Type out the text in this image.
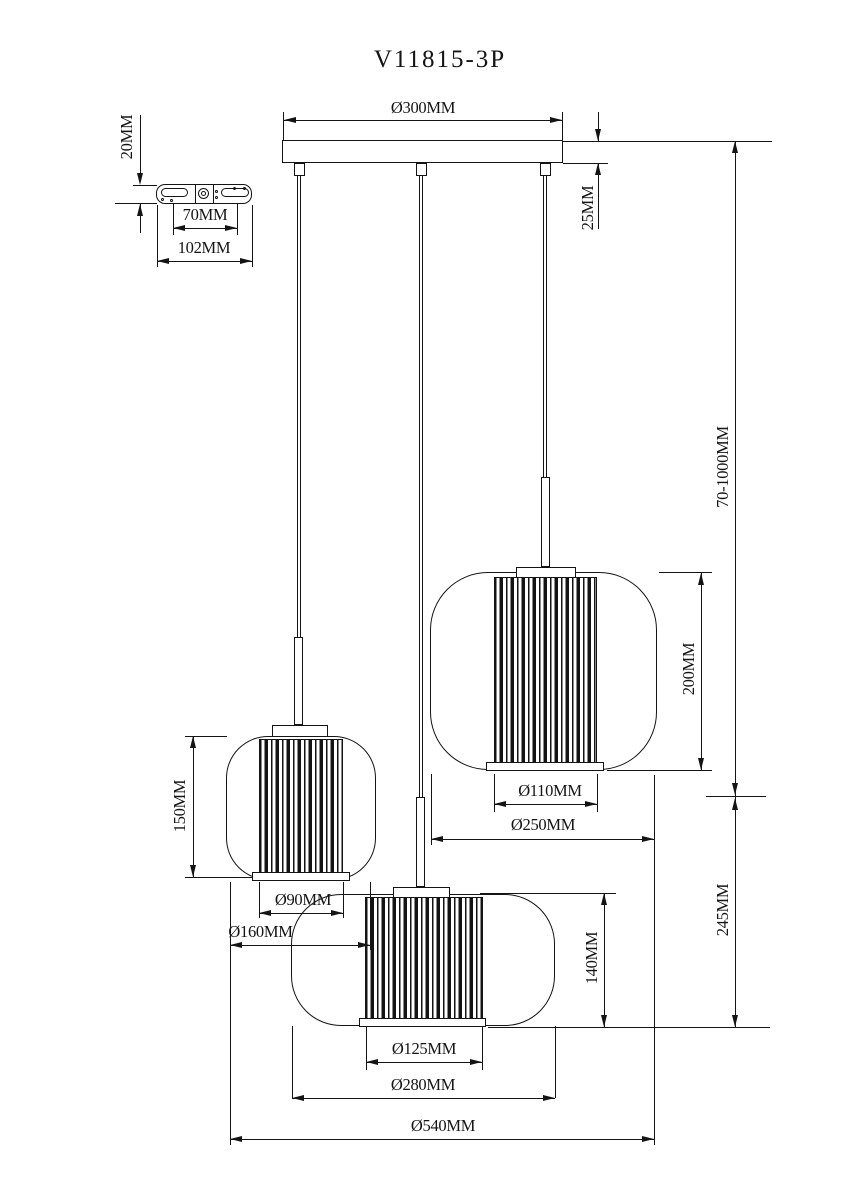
V11815-3P
Ø300MM
20MM
70MM
102MM
25MM
70-1000MM
245MM
200MM
Ø110MM
Ø250MM
150MM
Ø90MM
Ø160MM
140MM
Ø125MM
Ø280MM
Ø540MM
